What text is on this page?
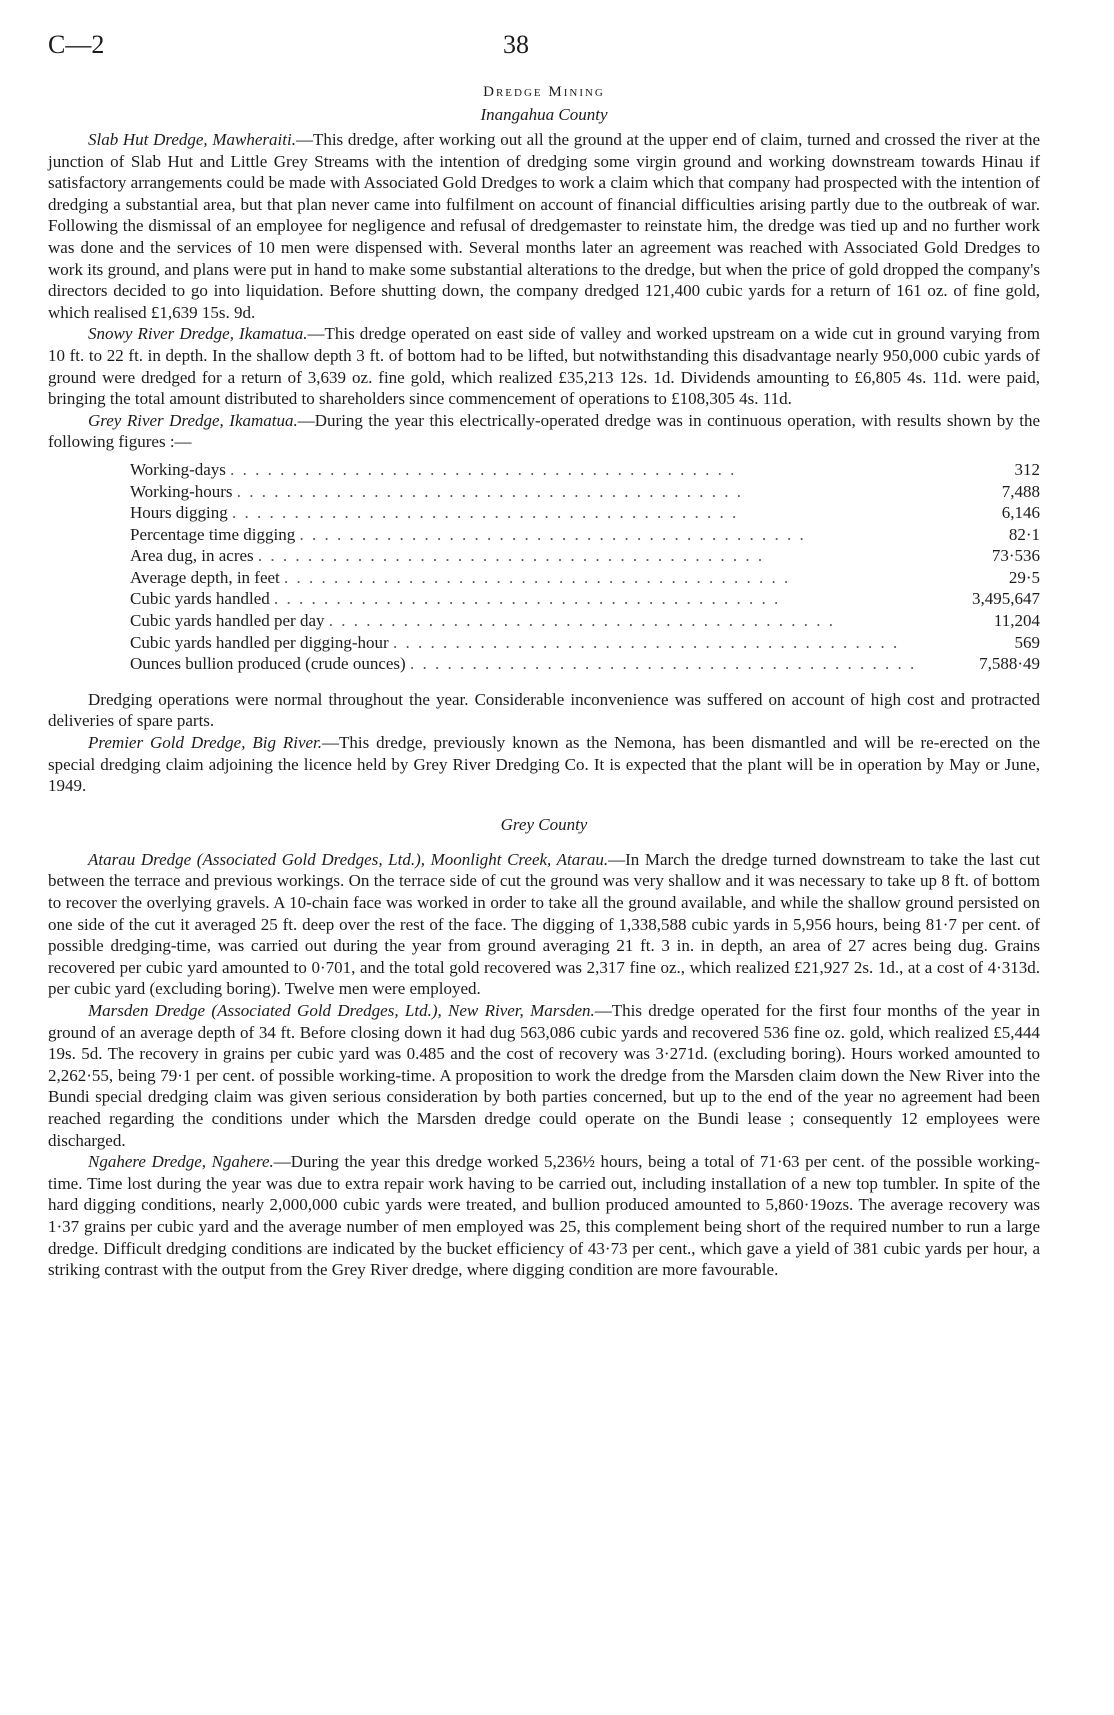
C—2	38
Dredge Mining
Inangahua County

Slab Hut Dredge, Mawheraiti.—This dredge, after working out all the ground at the upper end of claim, turned and crossed the river at the junction of Slab Hut and Little Grey Streams with the intention of dredging some virgin ground and working downstream towards Hinau if satisfactory arrangements could be made with Associated Gold Dredges to work a claim which that company had prospected with the intention of dredging a substantial area, but that plan never came into fulfilment on account of financial difficulties arising partly due to the outbreak of war. Following the dismissal of an employee for negligence and refusal of dredgemaster to reinstate him, the dredge was tied up and no further work was done and the services of 10 men were dispensed with. Several months later an agreement was reached with Associated Gold Dredges to work its ground, and plans were put in hand to make some substantial alterations to the dredge, but when the price of gold dropped the company's directors decided to go into liquidation. Before shutting down, the company dredged 121,400 cubic yards for a return of 161 oz. of fine gold, which realised £1,639 15s. 9d.

Snowy River Dredge, Ikamatua.—This dredge operated on east side of valley and worked upstream on a wide cut in ground varying from 10 ft. to 22 ft. in depth. In the shallow depth 3 ft. of bottom had to be lifted, but notwithstanding this disadvantage nearly 950,000 cubic yards of ground were dredged for a return of 3,639 oz. fine gold, which realized £35,213 12s. 1d. Dividends amounting to £6,805 4s. 11d. were paid, bringing the total amount distributed to shareholders since commencement of operations to £108,305 4s. 11d.

Grey River Dredge, Ikamatua.—During the year this electrically-operated dredge was in continuous operation, with results shown by the following figures :—

Working-days . . . . . . . . . . . . . . . . . . . . . . . . . . . . . . . . . . . . . . . . .	312
Working-hours . . . . . . . . . . . . . . . . . . . . . . . . . . . . . . . . . . . . . . . . .	7,488
Hours digging . . . . . . . . . . . . . . . . . . . . . . . . . . . . . . . . . . . . . . . . .	6,146
Percentage time digging . . . . . . . . . . . . . . . . . . . . . . . . . . . . . . . . . . . . . . . . .	82·1
Area dug, in acres . . . . . . . . . . . . . . . . . . . . . . . . . . . . . . . . . . . . . . . . .	73·536
Average depth, in feet . . . . . . . . . . . . . . . . . . . . . . . . . . . . . . . . . . . . . . . . .	29·5
Cubic yards handled . . . . . . . . . . . . . . . . . . . . . . . . . . . . . . . . . . . . . . . . .	3,495,647
Cubic yards handled per day . . . . . . . . . . . . . . . . . . . . . . . . . . . . . . . . . . . . . . . . .	11,204
Cubic yards handled per digging-hour . . . . . . . . . . . . . . . . . . . . . . . . . . . . . . . . . . . . . . . . .	569
Ounces bullion produced (crude ounces) . . . . . . . . . . . . . . . . . . . . . . . . . . . . . . . . . . . . . . . . .	7,588·49

Dredging operations were normal throughout the year. Considerable inconvenience was suffered on account of high cost and protracted deliveries of spare parts.

Premier Gold Dredge, Big River.—This dredge, previously known as the Nemona, has been dismantled and will be re-erected on the special dredging claim adjoining the licence held by Grey River Dredging Co. It is expected that the plant will be in operation by May or June, 1949.

Grey County

Atarau Dredge (Associated Gold Dredges, Ltd.), Moonlight Creek, Atarau.—In March the dredge turned downstream to take the last cut between the terrace and previous workings. On the terrace side of cut the ground was very shallow and it was necessary to take up 8 ft. of bottom to recover the overlying gravels. A 10-chain face was worked in order to take all the ground available, and while the shallow ground persisted on one side of the cut it averaged 25 ft. deep over the rest of the face. The digging of 1,338,588 cubic yards in 5,956 hours, being 81·7 per cent. of possible dredging-time, was carried out during the year from ground averaging 21 ft. 3 in. in depth, an area of 27 acres being dug. Grains recovered per cubic yard amounted to 0·701, and the total gold recovered was 2,317 fine oz., which realized £21,927 2s. 1d., at a cost of 4·313d. per cubic yard (excluding boring). Twelve men were employed.

Marsden Dredge (Associated Gold Dredges, Ltd.), New River, Marsden.—This dredge operated for the first four months of the year in ground of an average depth of 34 ft. Before closing down it had dug 563,086 cubic yards and recovered 536 fine oz. gold, which realized £5,444 19s. 5d. The recovery in grains per cubic yard was 0.485 and the cost of recovery was 3·271d. (excluding boring). Hours worked amounted to 2,262·55, being 79·1 per cent. of possible working-time. A proposition to work the dredge from the Marsden claim down the New River into the Bundi special dredging claim was given serious consideration by both parties concerned, but up to the end of the year no agreement had been reached regarding the conditions under which the Marsden dredge could operate on the Bundi lease ; consequently 12 employees were discharged.

Ngahere Dredge, Ngahere.—During the year this dredge worked 5,236½ hours, being a total of 71·63 per cent. of the possible working-time. Time lost during the year was due to extra repair work having to be carried out, including installation of a new top tumbler. In spite of the hard digging conditions, nearly 2,000,000 cubic yards were treated, and bullion produced amounted to 5,860·19ozs. The average recovery was 1·37 grains per cubic yard and the average number of men employed was 25, this complement being short of the required number to run a large dredge. Difficult dredging conditions are indicated by the bucket efficiency of 43·73 per cent., which gave a yield of 381 cubic yards per hour, a striking contrast with the output from the Grey River dredge, where digging condition are more favourable.
